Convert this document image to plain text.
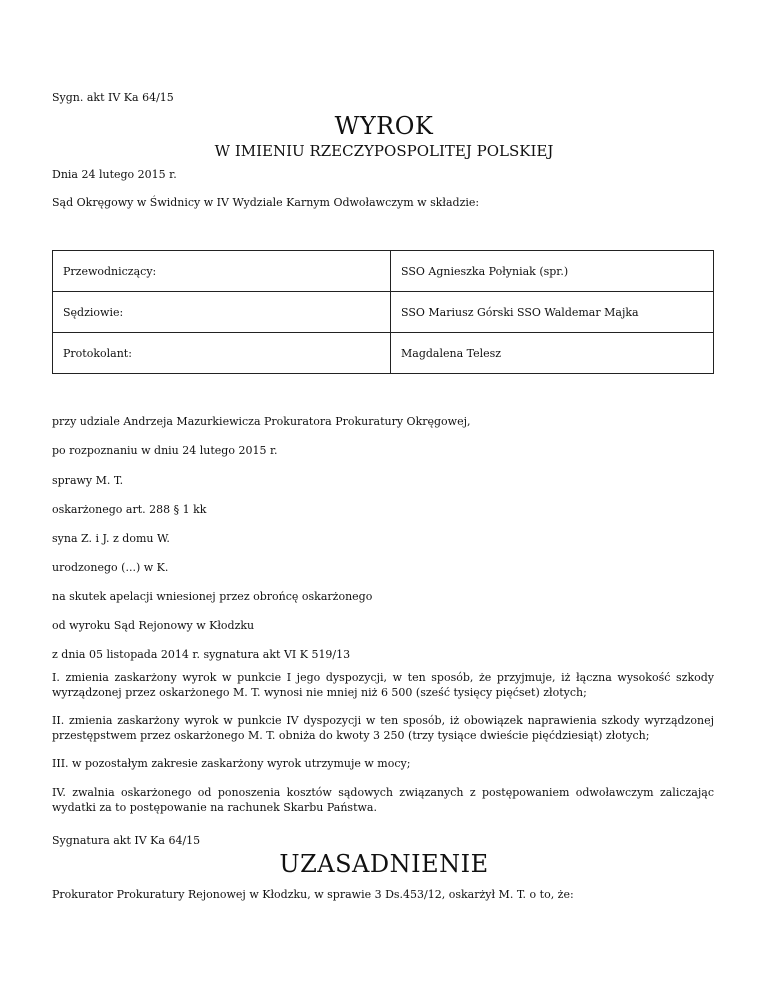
Sygn. akt IV Ka 64/15
WYROK
W IMIENIU RZECZYPOSPOLITEJ POLSKIEJ
Dnia 24 lutego 2015 r.
Sąd Okręgowy w Świdnicy w IV Wydziale Karnym Odwoławczym w składzie:
Przewodniczący:	SSO Agnieszka Połyniak (spr.)
Sędziowie:	SSO Mariusz Górski SSO Waldemar Majka
Protokolant:	Magdalena Telesz
przy udziale Andrzeja Mazurkiewicza Prokuratora Prokuratury Okręgowej,
po rozpoznaniu w dniu 24 lutego 2015 r.
sprawy M. T.
oskarżonego art. 288 § 1 kk
syna Z. i J. z domu W.
urodzonego (...) w K.
na skutek apelacji wniesionej przez obrońcę oskarżonego
od wyroku Sąd Rejonowy w Kłodzku
z dnia 05 listopada 2014 r. sygnatura akt VI K 519/13
I. zmienia zaskarżony wyrok w punkcie I jego dyspozycji, w ten sposób, że przyjmuje, iż łączna wysokość szkody wyrządzonej przez oskarżonego M. T. wynosi nie mniej niż 6 500 (sześć tysięcy pięćset) złotych;
II. zmienia zaskarżony wyrok w punkcie IV dyspozycji w ten sposób, iż obowiązek naprawienia szkody wyrządzonej przestępstwem przez oskarżonego M. T. obniża do kwoty 3 250 (trzy tysiące dwieście pięćdziesiąt) złotych;
III. w pozostałym zakresie zaskarżony wyrok utrzymuje w mocy;
IV. zwalnia oskarżonego od ponoszenia kosztów sądowych związanych z postępowaniem odwoławczym zaliczając wydatki za to postępowanie na rachunek Skarbu Państwa.
Sygnatura akt IV Ka 64/15
UZASADNIENIE
Prokurator Prokuratury Rejonowej w Kłodzku, w sprawie 3 Ds.453/12, oskarżył M. T. o to, że:
